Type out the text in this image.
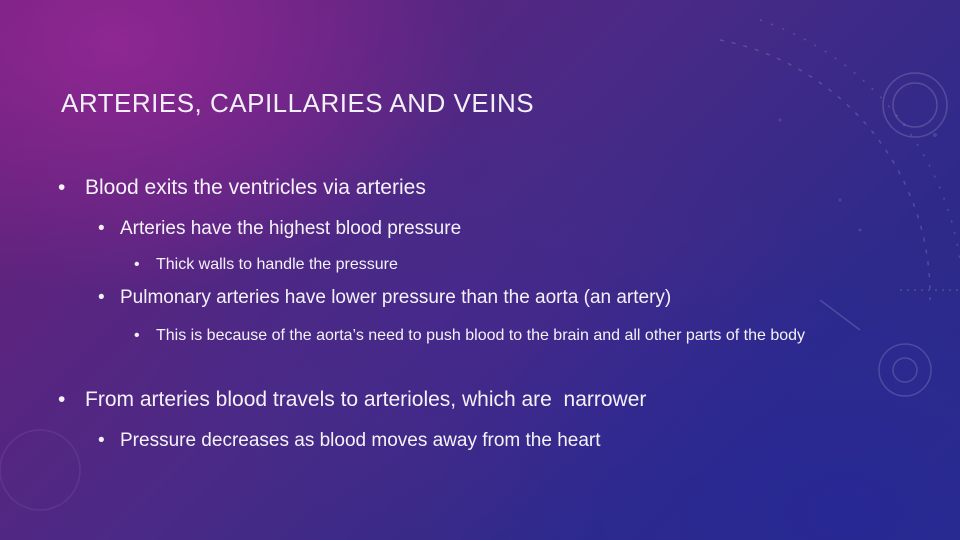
ARTERIES, CAPILLARIES AND VEINS
• Blood exits the ventricles via arteries
• Arteries have the highest blood pressure
• Thick walls to handle the pressure
• Pulmonary arteries have lower pressure than the aorta (an artery)
• This is because of the aorta’s need to push blood to the brain and all other parts of the body
• From arteries blood travels to arterioles, which are  narrower
• Pressure decreases as blood moves away from the heart
